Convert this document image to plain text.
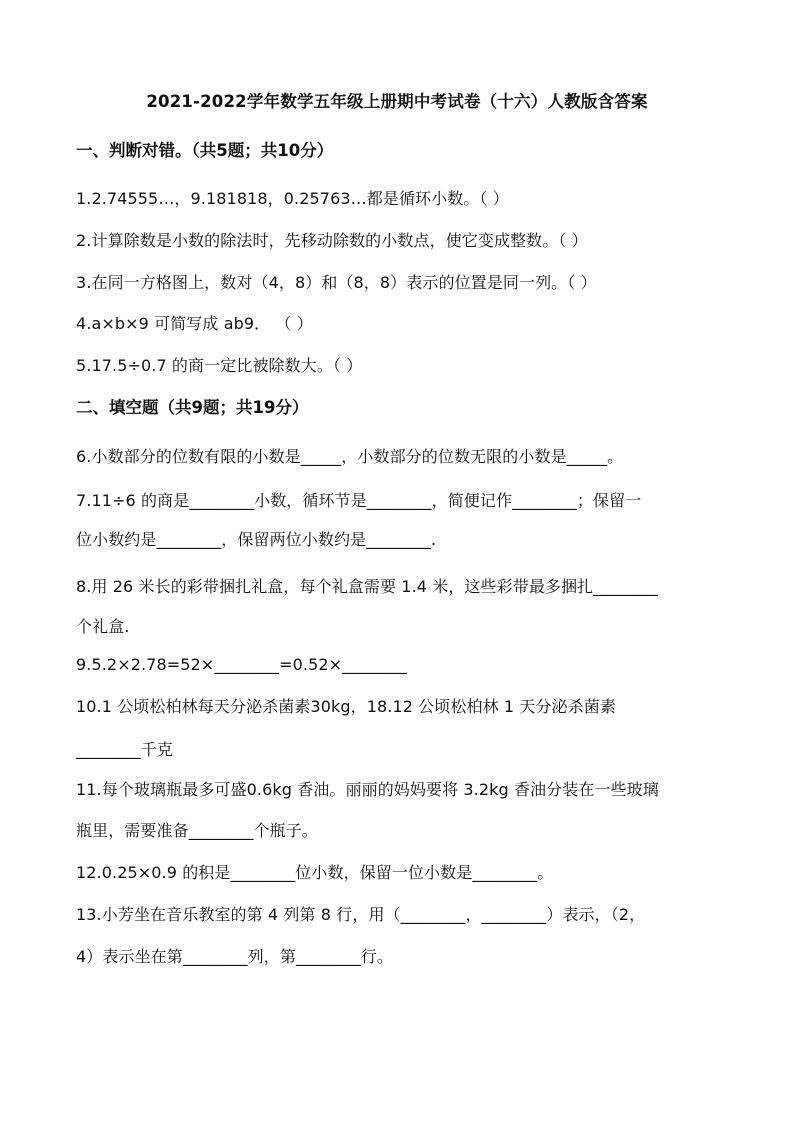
2021-2022学年数学五年级上册期中考试卷（十六）人教版含答案
一、判断对错。（共5题；共10分）
1.2.74555…，9.181818，0.25763…都是循环小数。（ ）
2.计算除数是小数的除法时，先移动除数的小数点，使它变成整数。（ ）
3.在同一方格图上，数对（4，8）和（8，8）表示的位置是同一列。（ ）
4.a×b×9 可简写成 ab9． （ ）
5.17.5÷0.7 的商一定比被除数大。（ ）
二、填空题（共9题；共19分）
6.小数部分的位数有限的小数是_____，小数部分的位数无限的小数是_____。
7.11÷6 的商是________小数，循环节是________，简便记作________；保留一
位小数约是________，保留两位小数约是________.
8.用 26 米长的彩带捆扎礼盒，每个礼盒需要 1.4 米，这些彩带最多捆扎________
个礼盒.
9.5.2×2.78=52×________=0.52×________
10.1 公顷松柏林每天分泌杀菌素30kg，18.12 公顷松柏林 1 天分泌杀菌素
________千克
11.每个玻璃瓶最多可盛0.6kg 香油。丽丽的妈妈要将 3.2kg 香油分装在一些玻璃
瓶里，需要准备________个瓶子。
12.0.25×0.9 的积是________位小数，保留一位小数是________。
13.小芳坐在音乐教室的第 4 列第 8 行，用（________，________）表示，（2，
4）表示坐在第________列，第________行。
